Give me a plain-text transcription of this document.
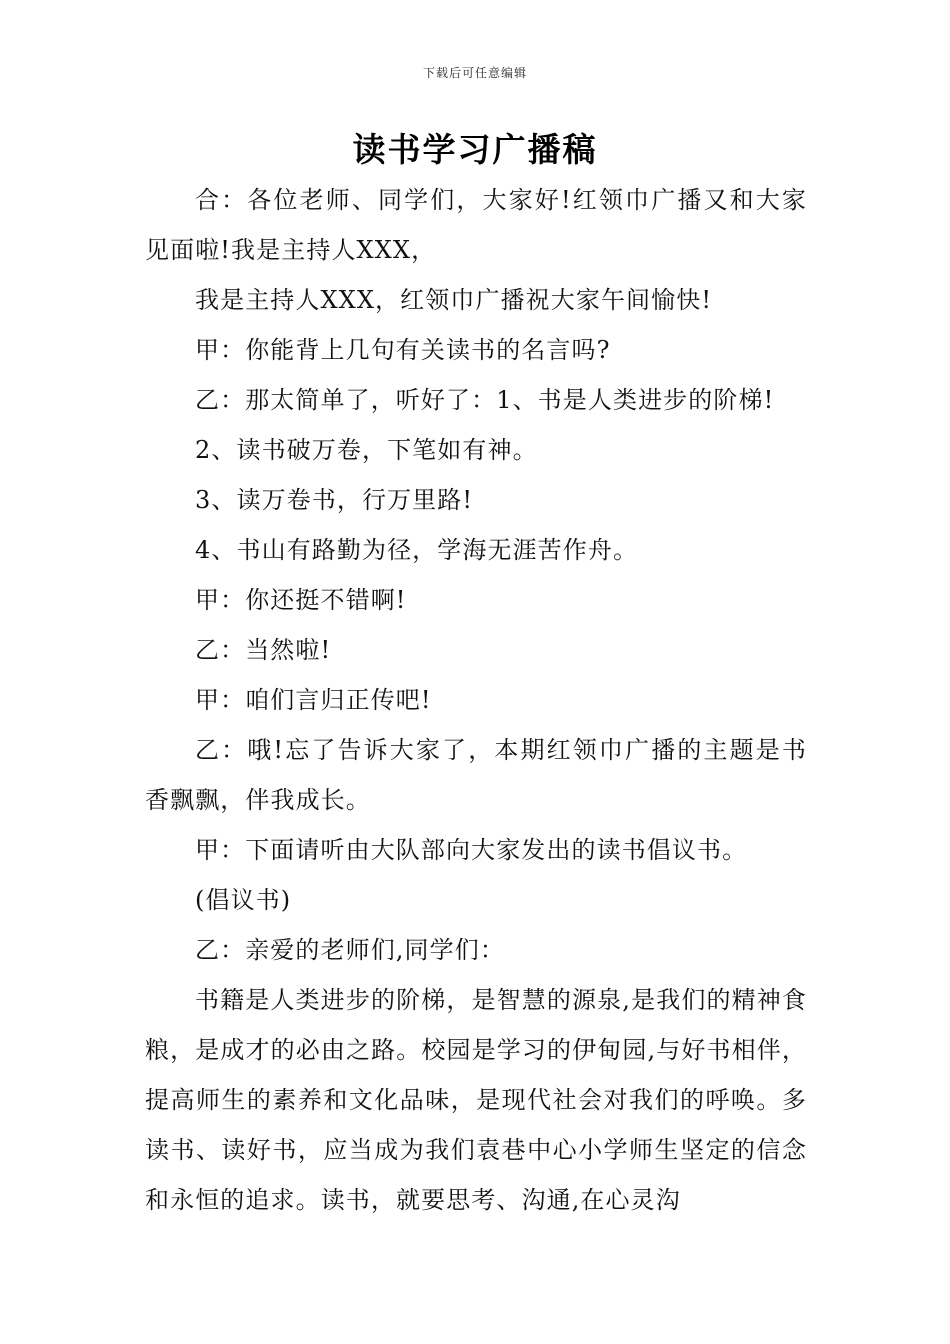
下载后可任意编辑
读书学习广播稿

合：各位老师、同学们，大家好!红领巾广播又和大家见面啦!我是主持人XXX，

我是主持人XXX，红领巾广播祝大家午间愉快!

甲：你能背上几句有关读书的名言吗?

乙：那太简单了，听好了：1、书是人类进步的阶梯!

2、读书破万卷，下笔如有神。

3、读万卷书，行万里路!

4、书山有路勤为径，学海无涯苦作舟。

甲：你还挺不错啊!

乙：当然啦!

甲：咱们言归正传吧!

乙：哦!忘了告诉大家了，本期红领巾广播的主题是书香飘飘，伴我成长。

甲：下面请听由大队部向大家发出的读书倡议书。

(倡议书)

乙：亲爱的老师们,同学们：

书籍是人类进步的阶梯，是智慧的源泉,是我们的精神食粮，是成才的必由之路。校园是学习的伊甸园,与好书相伴，提高师生的素养和文化品味，是现代社会对我们的呼唤。多读书、读好书，应当成为我们袁巷中心小学师生坚定的信念和永恒的追求。读书，就要思考、沟通,在心灵沟
